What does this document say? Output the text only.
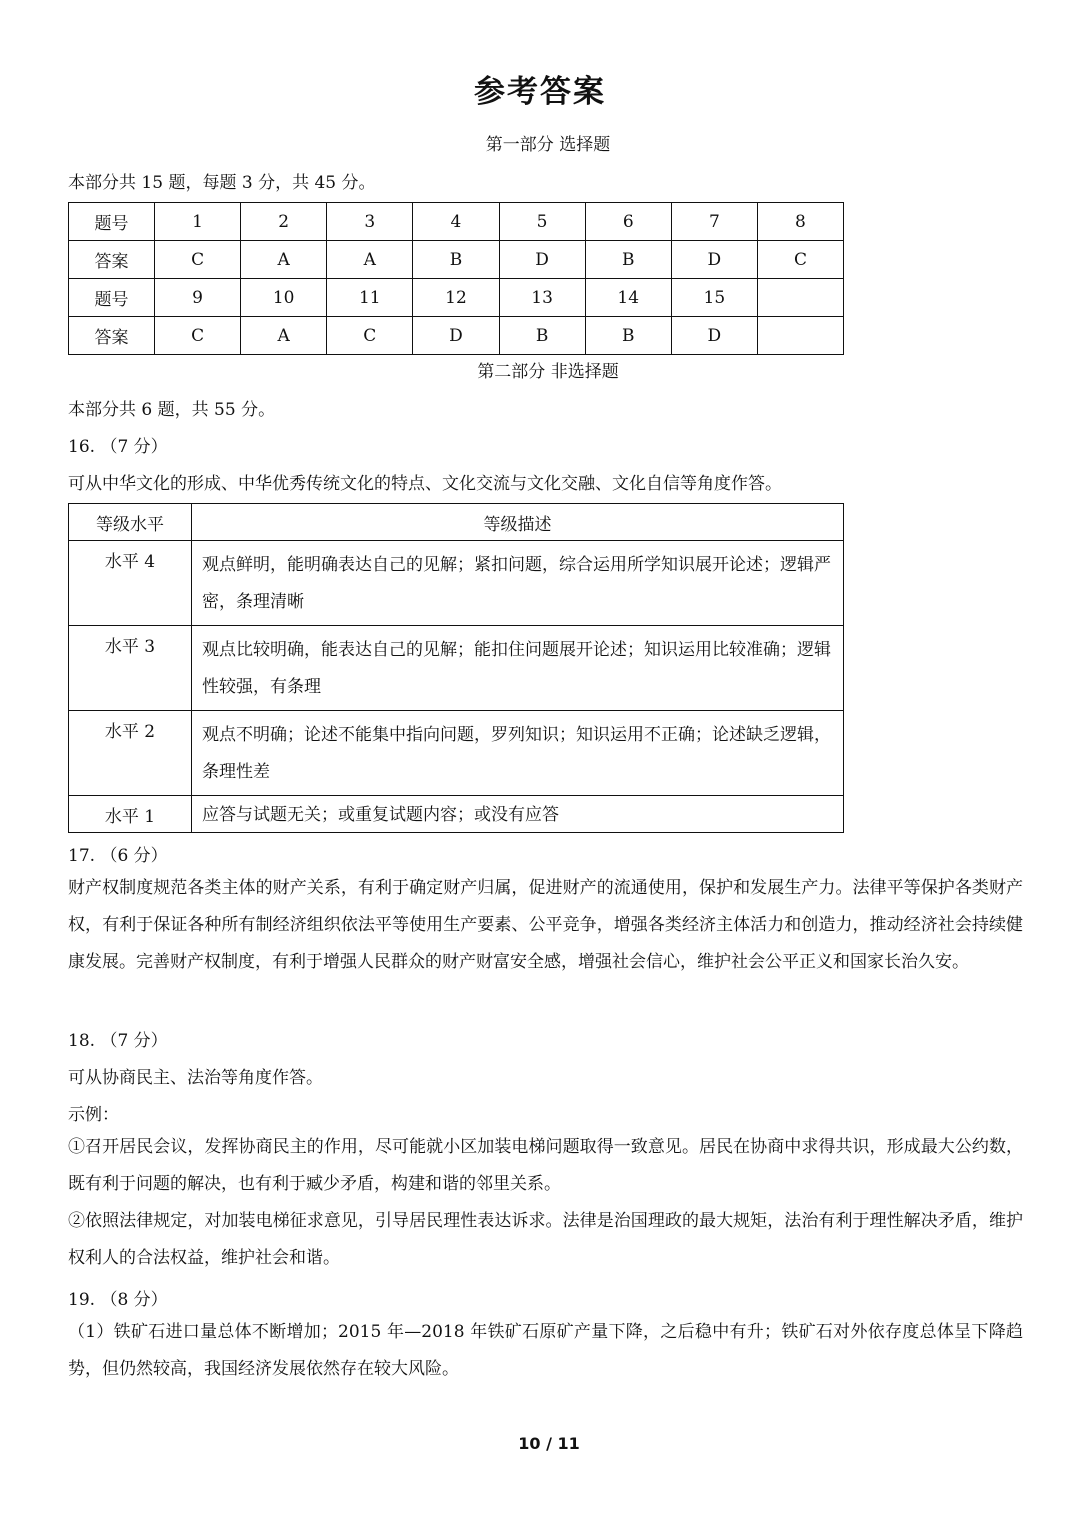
参考答案
第一部分 选择题
本部分共 15 题，每题 3 分，共 45 分。
题号	1	2	3	4	5	6	7	8
答案	C	A	A	B	D	B	D	C
题号	9	10	11	12	13	14	15	
答案	C	A	C	D	B	B	D	
第二部分 非选择题
本部分共 6 题，共 55 分。
16. （7 分）
可从中华文化的形成、中华优秀传统文化的特点、文化交流与文化交融、文化自信等角度作答。
等级水平	等级描述
水平 4	观点鲜明，能明确表达自己的见解；紧扣问题，综合运用所学知识展开论述；逻辑严密，条理清晰
水平 3	观点比较明确，能表达自己的见解；能扣住问题展开论述；知识运用比较准确；逻辑性较强，有条理
水平 2	观点不明确；论述不能集中指向问题，罗列知识；知识运用不正确；论述缺乏逻辑，条理性差
水平 1	应答与试题无关；或重复试题内容；或没有应答
17. （6 分）
财产权制度规范各类主体的财产关系，有利于确定财产归属，促进财产的流通使用，保护和发展生产力。法律平等保护各类财产权，有利于保证各种所有制经济组织依法平等使用生产要素、公平竞争，增强各类经济主体活力和创造力，推动经济社会持续健康发展。完善财产权制度，有利于增强人民群众的财产财富安全感，增强社会信心，维护社会公平正义和国家长治久安。
18. （7 分）
可从协商民主、法治等角度作答。
示例：
①召开居民会议，发挥协商民主的作用，尽可能就小区加装电梯问题取得一致意见。居民在协商中求得共识，形成最大公约数，既有利于问题的解决，也有利于臧少矛盾，构建和谐的邻里关系。
②依照法律规定，对加装电梯征求意见，引导居民理性表达诉求。法律是治国理政的最大规矩，法治有利于理性解决矛盾，维护权利人的合法权益，维护社会和谐。
19. （8 分）
（1）铁矿石进口量总体不断增加；2015 年—2018 年铁矿石原矿产量下降，之后稳中有升；铁矿石对外依存度总体呈下降趋势，但仍然较高，我国经济发展依然存在较大风险。
10 / 11
